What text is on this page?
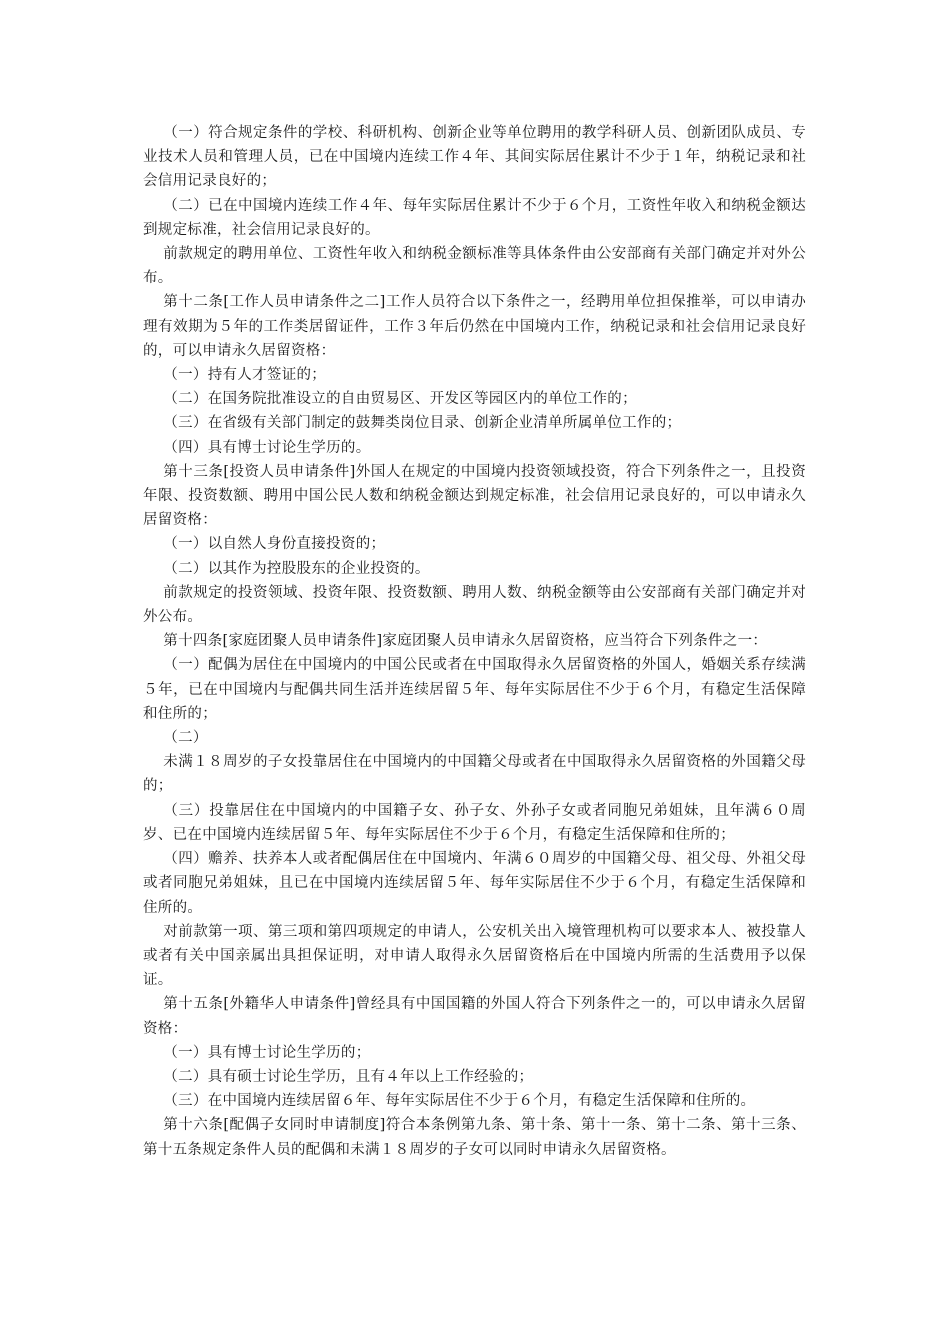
（一）符合规定条件的学校、科研机构、创新企业等单位聘用的教学科研人员、创新团队成员、专业技术人员和管理人员，已在中国境内连续工作４年、其间实际居住累计不少于１年，纳税记录和社会信用记录良好的；

（二）已在中国境内连续工作４年、每年实际居住累计不少于６个月，工资性年收入和纳税金额达到规定标准，社会信用记录良好的。

前款规定的聘用单位、工资性年收入和纳税金额标准等具体条件由公安部商有关部门确定并对外公布。

第十二条[工作人员申请条件之二]工作人员符合以下条件之一，经聘用单位担保推举，可以申请办理有效期为５年的工作类居留证件，工作３年后仍然在中国境内工作，纳税记录和社会信用记录良好的，可以申请永久居留资格：

（一）持有人才签证的；

（二）在国务院批准设立的自由贸易区、开发区等园区内的单位工作的；

（三）在省级有关部门制定的鼓舞类岗位目录、创新企业清单所属单位工作的；

（四）具有博士讨论生学历的。

第十三条[投资人员申请条件]外国人在规定的中国境内投资领域投资，符合下列条件之一，且投资年限、投资数额、聘用中国公民人数和纳税金额达到规定标准，社会信用记录良好的，可以申请永久居留资格：

（一）以自然人身份直接投资的；

（二）以其作为控股股东的企业投资的。

前款规定的投资领域、投资年限、投资数额、聘用人数、纳税金额等由公安部商有关部门确定并对外公布。

第十四条[家庭团聚人员申请条件]家庭团聚人员申请永久居留资格，应当符合下列条件之一：

（一）配偶为居住在中国境内的中国公民或者在中国取得永久居留资格的外国人，婚姻关系存续满５年，已在中国境内与配偶共同生活并连续居留５年、每年实际居住不少于６个月，有稳定生活保障和住所的；

（二）

未满１８周岁的子女投靠居住在中国境内的中国籍父母或者在中国取得永久居留资格的外国籍父母的；

（三）投靠居住在中国境内的中国籍子女、孙子女、外孙子女或者同胞兄弟姐妹，且年满６０周岁、已在中国境内连续居留５年、每年实际居住不少于６个月，有稳定生活保障和住所的；

（四）赡养、扶养本人或者配偶居住在中国境内、年满６０周岁的中国籍父母、祖父母、外祖父母或者同胞兄弟姐妹，且已在中国境内连续居留５年、每年实际居住不少于６个月，有稳定生活保障和住所的。

对前款第一项、第三项和第四项规定的申请人，公安机关出入境管理机构可以要求本人、被投靠人或者有关中国亲属出具担保证明，对申请人取得永久居留资格后在中国境内所需的生活费用予以保证。

第十五条[外籍华人申请条件]曾经具有中国国籍的外国人符合下列条件之一的，可以申请永久居留资格：

（一）具有博士讨论生学历的；

（二）具有硕士讨论生学历，且有４年以上工作经验的；

（三）在中国境内连续居留６年、每年实际居住不少于６个月，有稳定生活保障和住所的。

第十六条[配偶子女同时申请制度]符合本条例第九条、第十条、第十一条、第十二条、第十三条、第十五条规定条件人员的配偶和未满１８周岁的子女可以同时申请永久居留资格。
